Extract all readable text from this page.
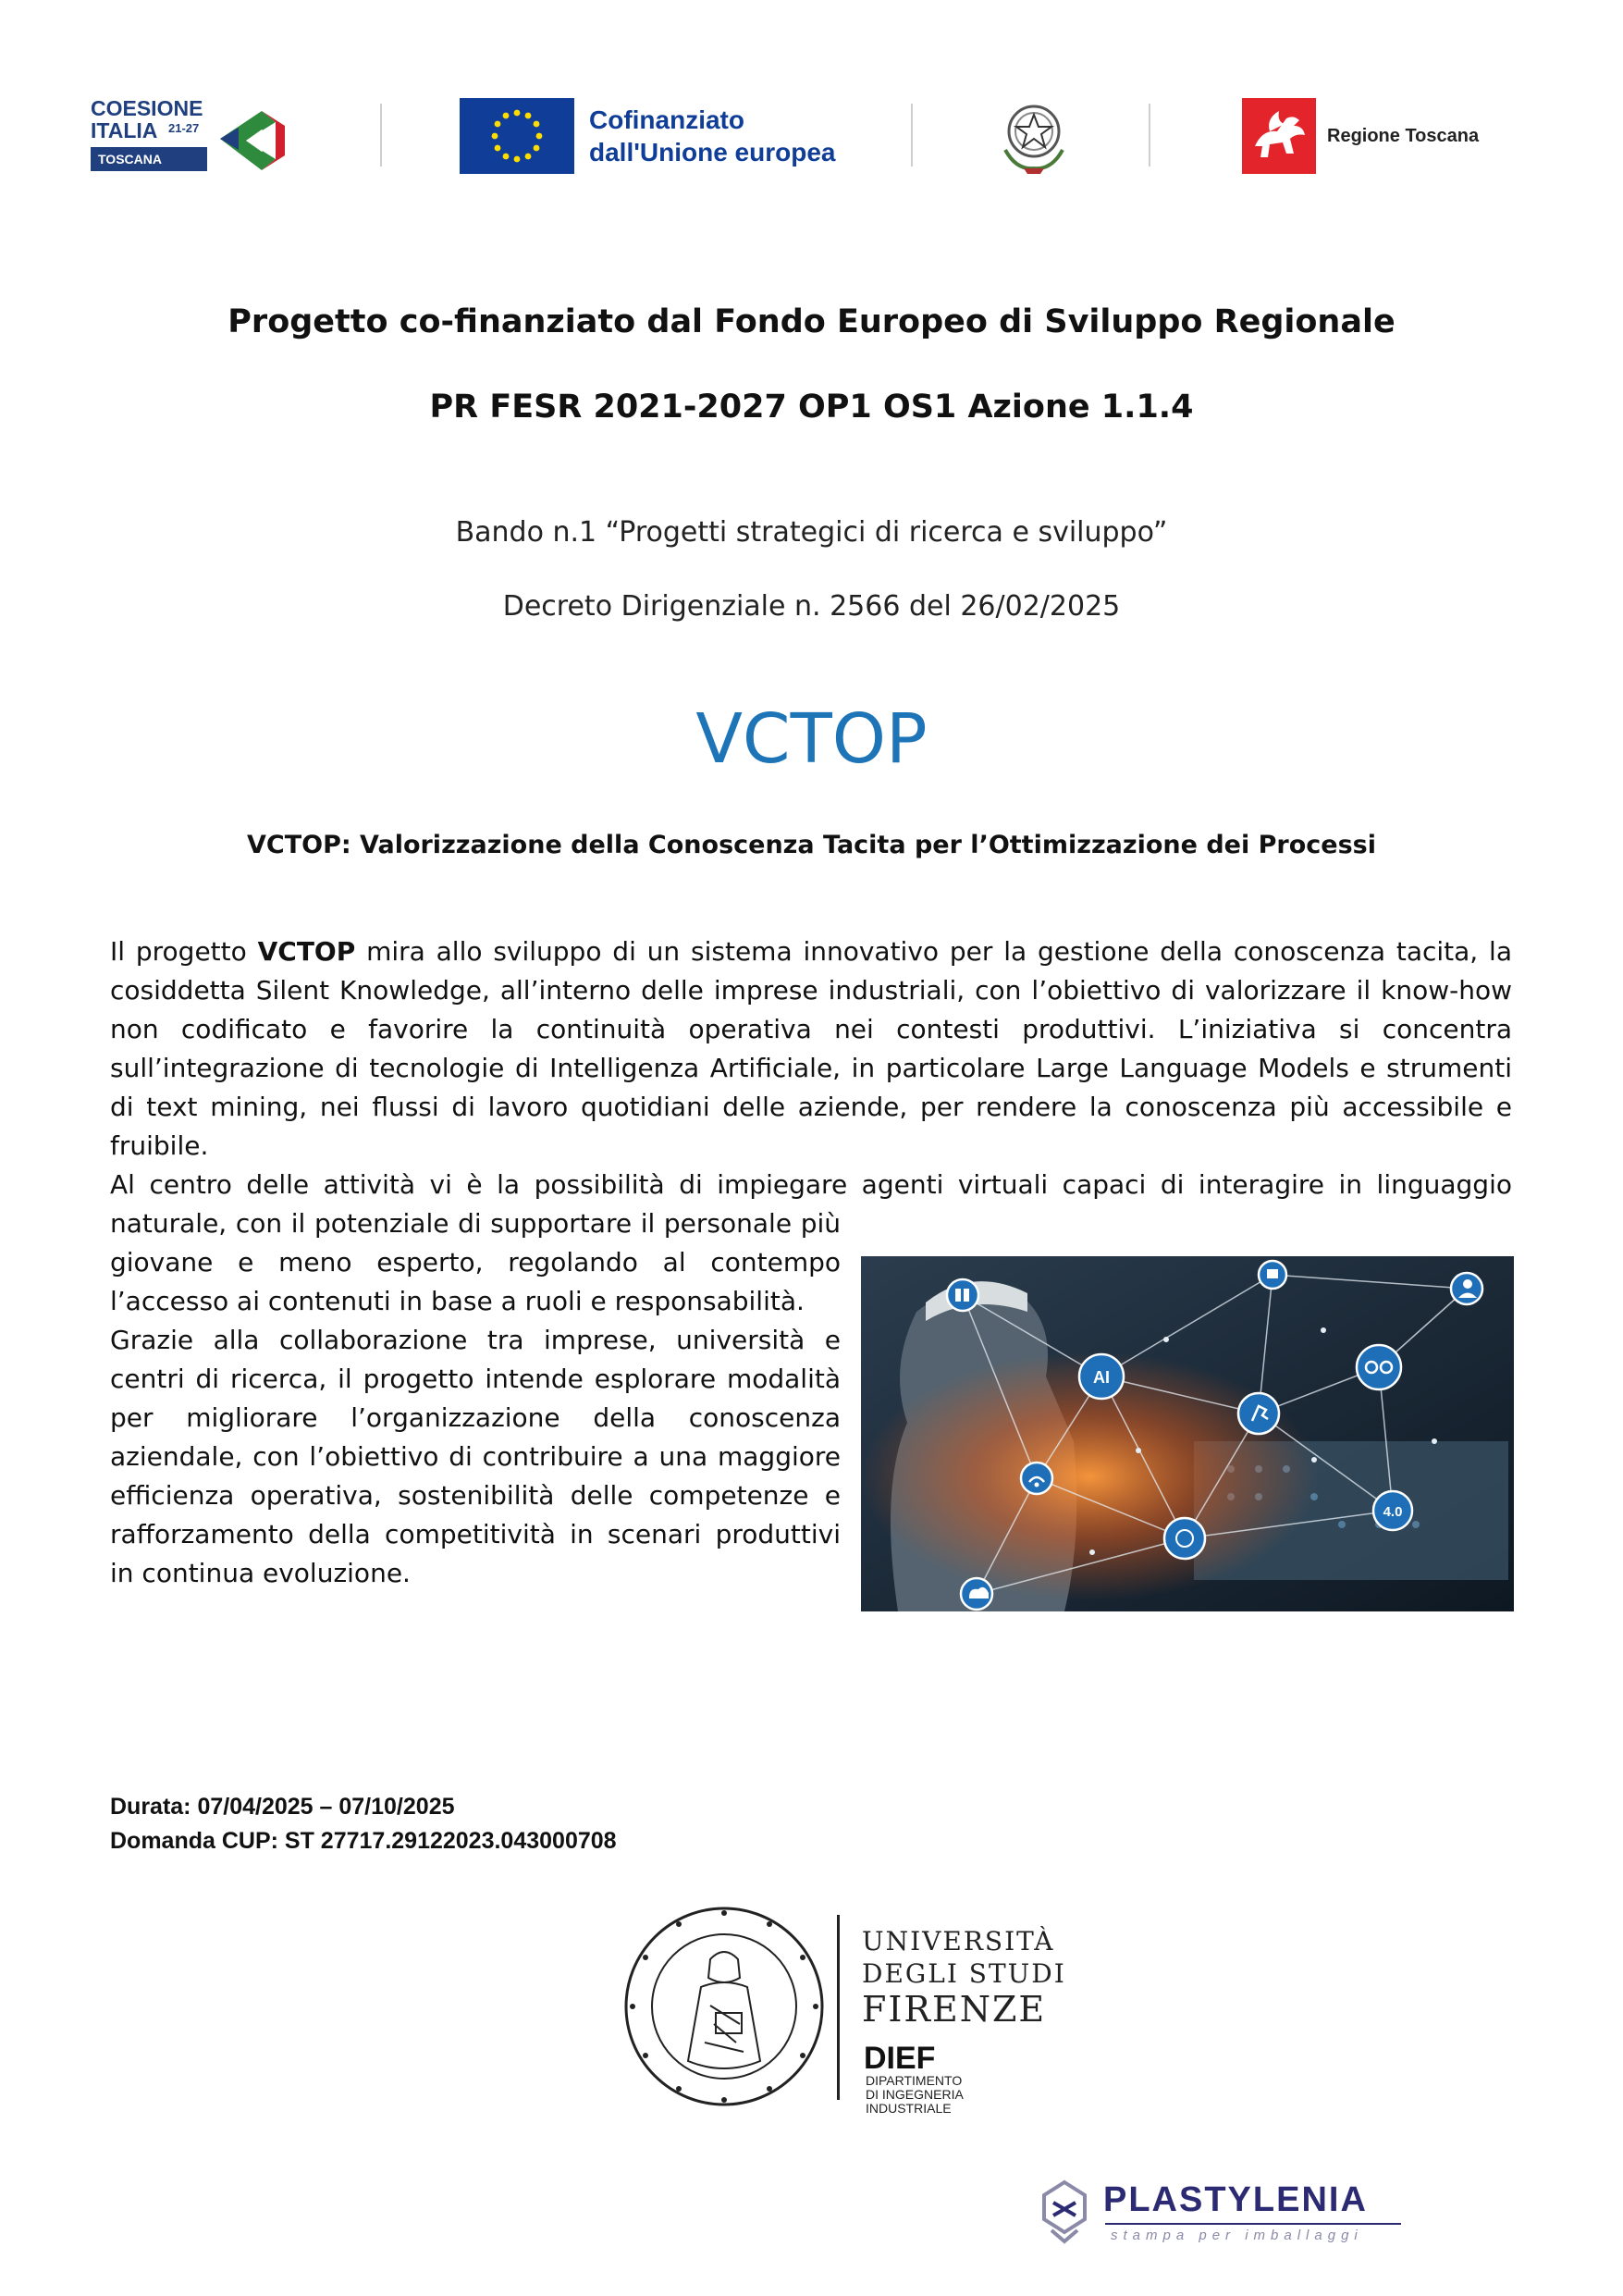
COESIONE
ITALIA 21-27
TOSCANA
Cofinanziato
dall'Unione europea
Regione Toscana
Progetto co-finanziato dal Fondo Europeo di Sviluppo Regionale
PR FESR 2021-2027 OP1 OS1 Azione 1.1.4
Bando n.1 “Progetti strategici di ricerca e sviluppo”
Decreto Dirigenziale n. 2566 del 26/02/2025
VCTOP
VCTOP: Valorizzazione della Conoscenza Tacita per l’Ottimizzazione dei Processi
Il progetto VCTOP mira allo sviluppo di un sistema innovativo per la gestione della conoscenza tacita, la cosiddetta Silent Knowledge, all’interno delle imprese industriali, con l’obiettivo di valorizzare il know-how non codificato e favorire la continuità operativa nei contesti produttivi. L’iniziativa si concentra sull’integrazione di tecnologie di Intelligenza Artificiale, in particolare Large Language Models e strumenti di text mining, nei flussi di lavoro quotidiani delle aziende, per rendere la conoscenza più accessibile e fruibile.
Al centro delle attività vi è la possibilità di impiegare agenti virtuali capaci di interagire in linguaggio
naturale, con il potenziale di supportare il personale più giovane e meno esperto, regolando al contempo l’accesso ai contenuti in base a ruoli e responsabilità.
Grazie alla collaborazione tra imprese, università e centri di ricerca, il progetto intende esplorare modalità per migliorare l’organizzazione della conoscenza aziendale, con l’obiettivo di contribuire a una maggiore efficienza operativa, sostenibilità delle competenze e rafforzamento della competitività in scenari produttivi in continua evoluzione.
AI
4.0
Durata: 07/04/2025 – 07/10/2025
Domanda CUP: ST 27717.29122023.043000708
UNIVERSITÀ
DEGLI STUDI
FIRENZE
DIEF
DIPARTIMENTO
DI INGEGNERIA
INDUSTRIALE
PLASTYLENIA
stampa per imballaggi
